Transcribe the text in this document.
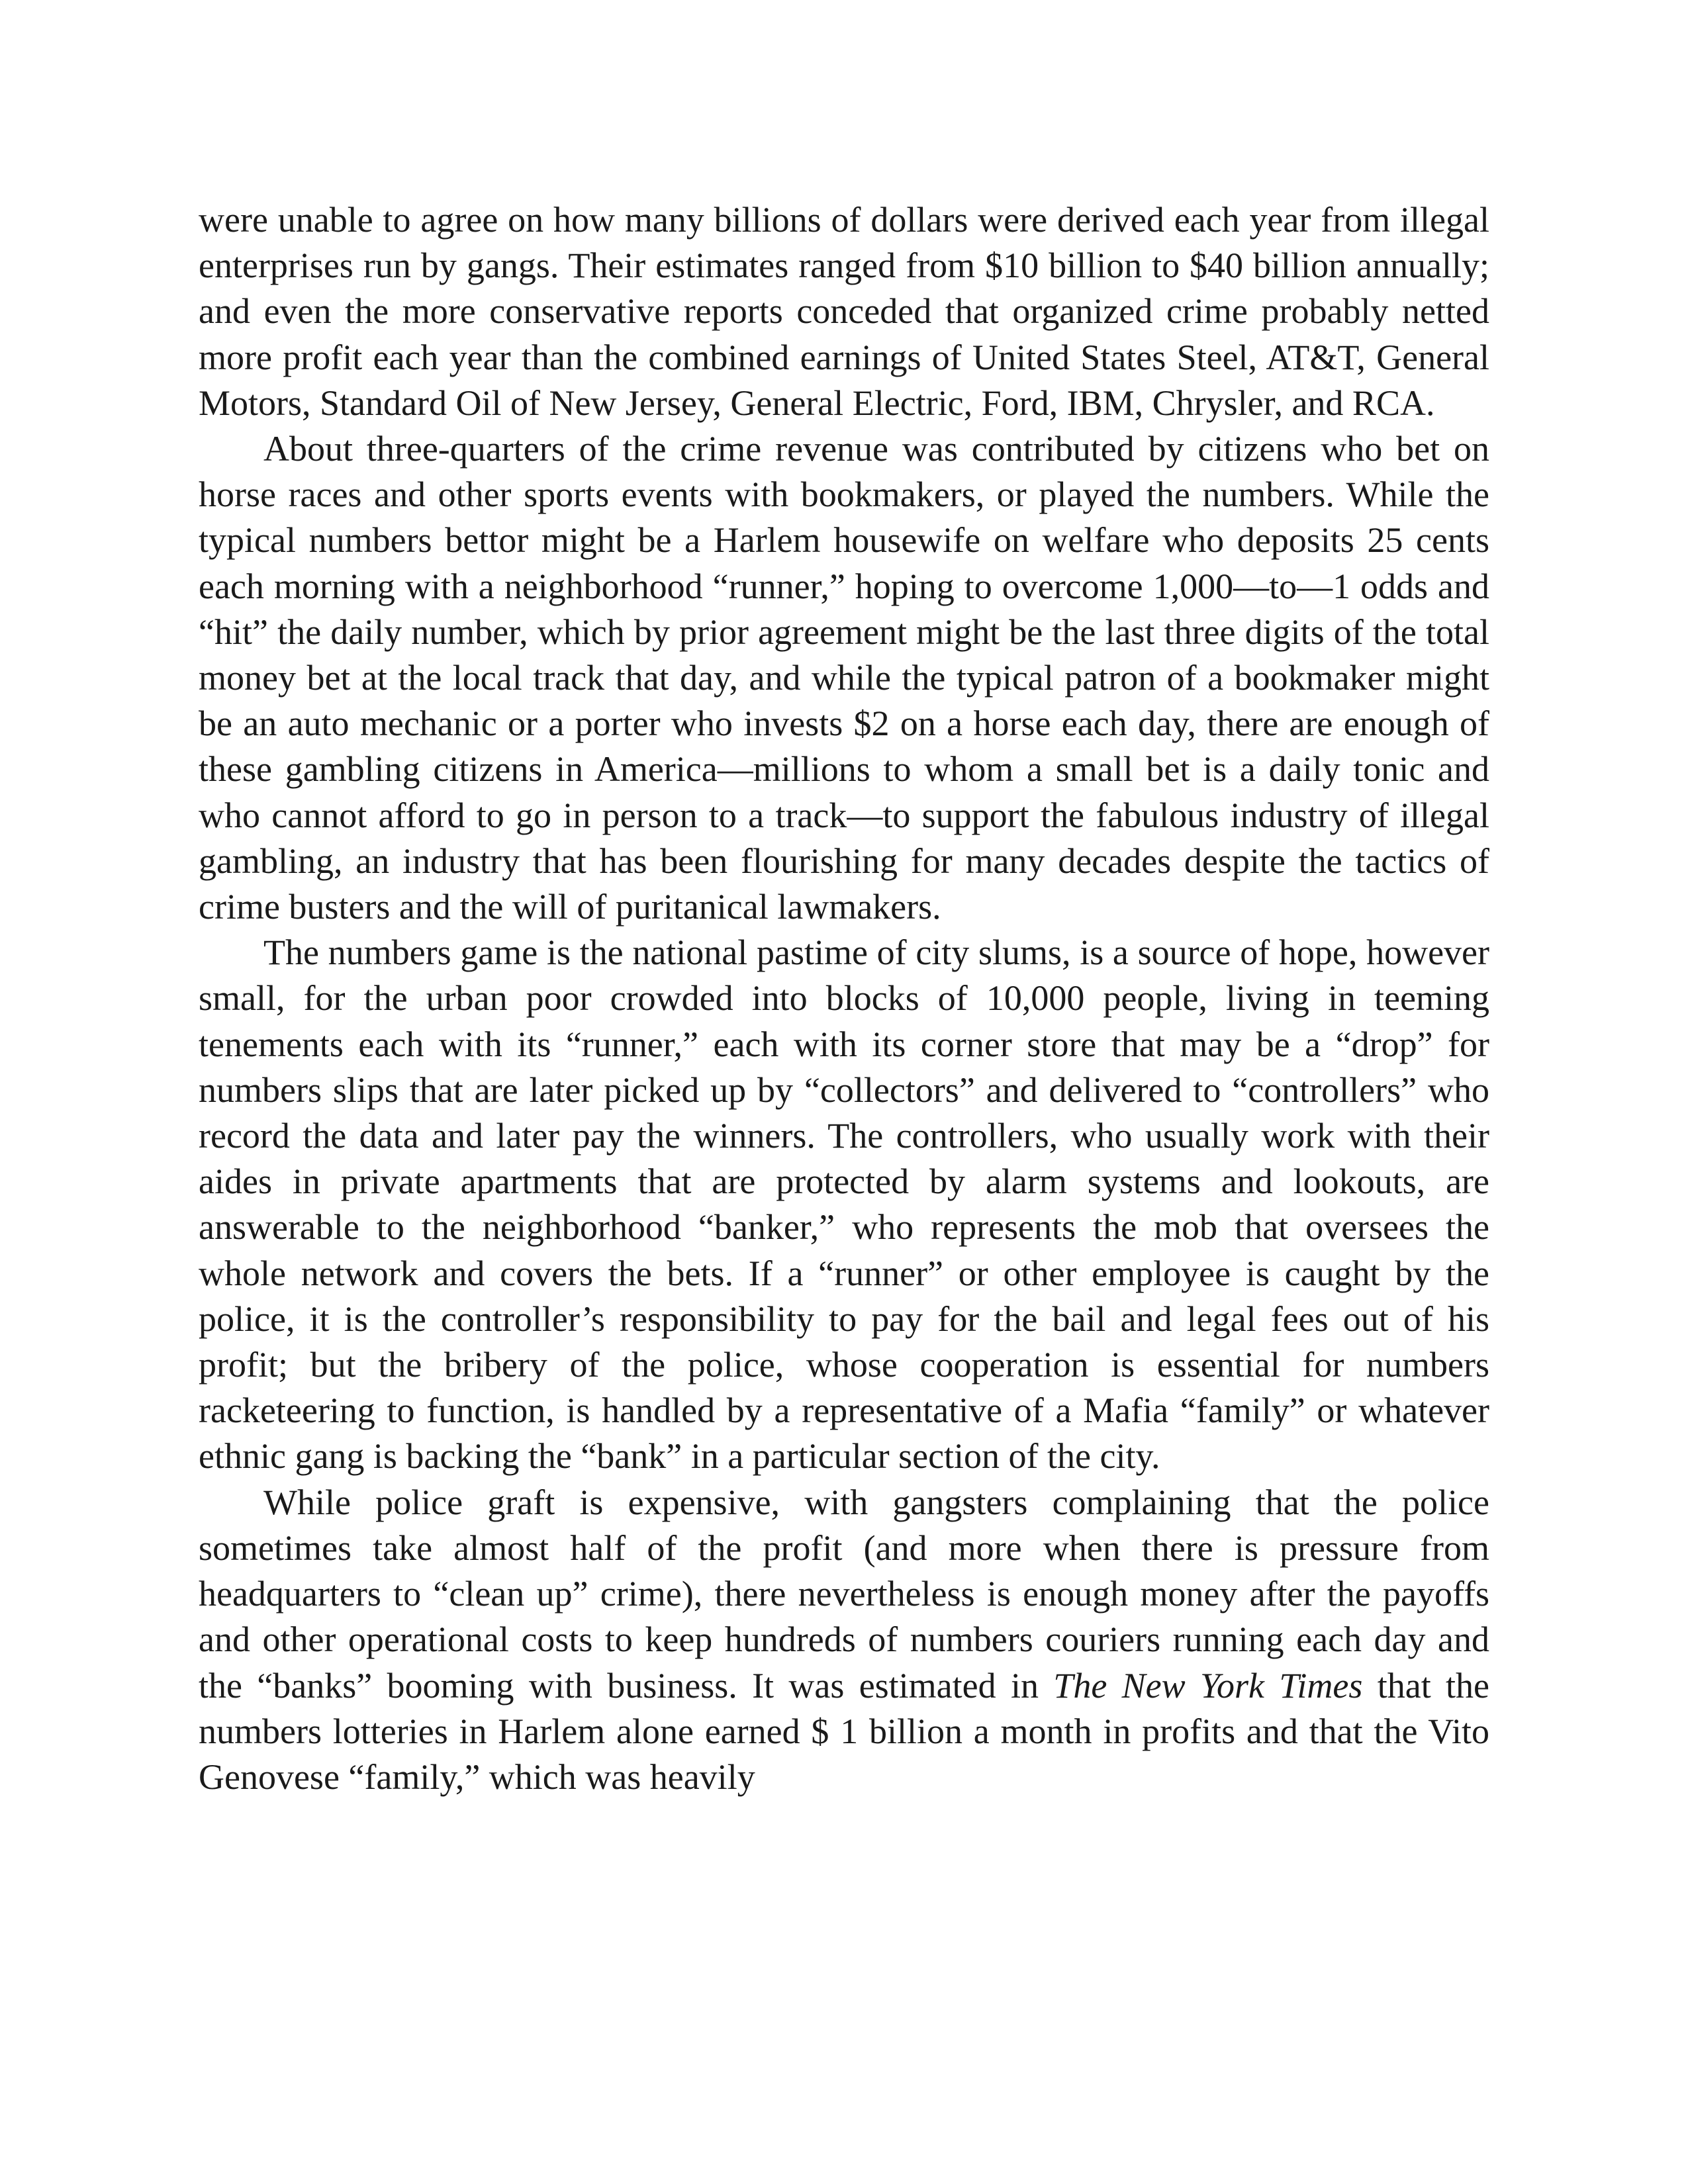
were unable to agree on how many billions of dollars were derived each year from illegal enterprises run by gangs. Their estimates ranged from $10 billion to $40 billion annually; and even the more conservative reports conceded that organized crime probably netted more profit each year than the combined earnings of United States Steel, AT&T, General Motors, Standard Oil of New Jersey, General Electric, Ford, IBM, Chrysler, and RCA.

About three-quarters of the crime revenue was contributed by citizens who bet on horse races and other sports events with bookmakers, or played the numbers. While the typical numbers bettor might be a Harlem housewife on welfare who deposits 25 cents each morning with a neighborhood “runner,” hoping to overcome 1,000—to—1 odds and “hit” the daily number, which by prior agreement might be the last three digits of the total money bet at the local track that day, and while the typical patron of a bookmaker might be an auto mechanic or a porter who invests $2 on a horse each day, there are enough of these gambling citizens in America—millions to whom a small bet is a daily tonic and who cannot afford to go in person to a track—to support the fabulous industry of illegal gambling, an industry that has been flourishing for many decades despite the tactics of crime busters and the will of puritanical lawmakers.

The numbers game is the national pastime of city slums, is a source of hope, however small, for the urban poor crowded into blocks of 10,000 people, living in teeming tenements each with its “runner,” each with its corner store that may be a “drop” for numbers slips that are later picked up by “collectors” and delivered to “controllers” who record the data and later pay the winners. The controllers, who usually work with their aides in private apartments that are protected by alarm systems and lookouts, are answerable to the neighborhood “banker,” who represents the mob that oversees the whole network and covers the bets. If a “runner” or other employee is caught by the police, it is the controller’s responsibility to pay for the bail and legal fees out of his profit; but the bribery of the police, whose cooperation is essential for numbers racketeering to function, is handled by a representative of a Mafia “family” or whatever ethnic gang is backing the “bank” in a particular section of the city.

While police graft is expensive, with gangsters complaining that the police sometimes take almost half of the profit (and more when there is pressure from headquarters to “clean up” crime), there nevertheless is enough money after the payoffs and other operational costs to keep hundreds of numbers couriers running each day and the “banks” booming with business. It was estimated in The New York Times that the numbers lotteries in Harlem alone earned $ 1 billion a month in profits and that the Vito Genovese “family,” which was heavily
